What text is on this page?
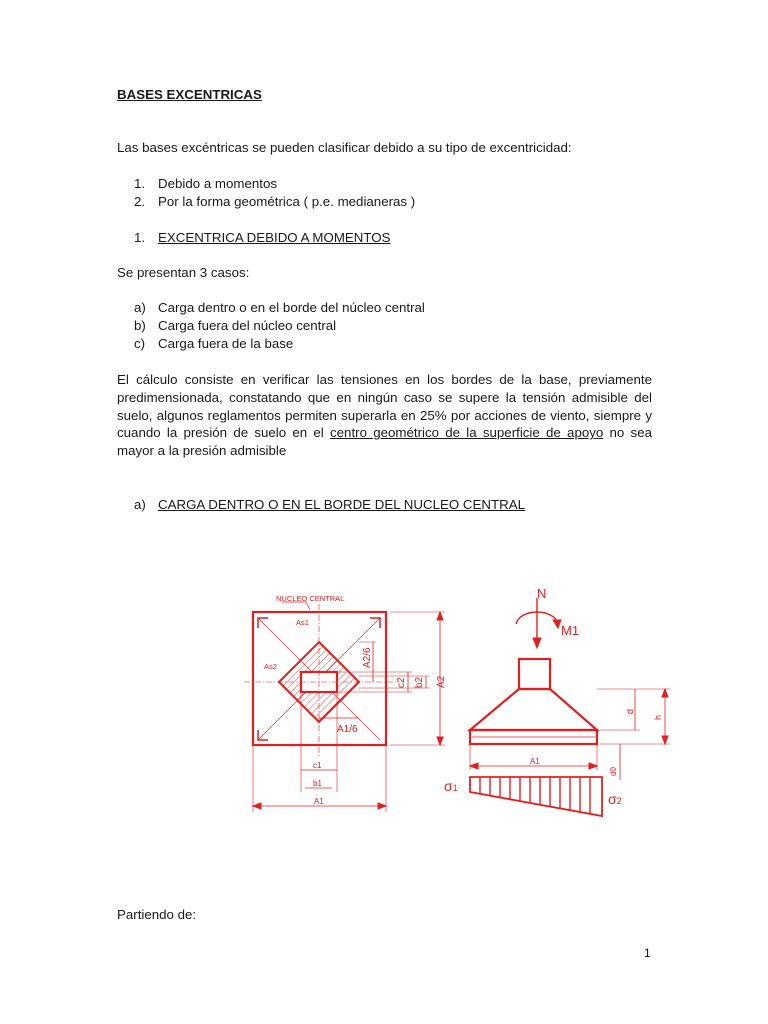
BASES EXCENTRICAS
Las bases excéntricas se pueden clasificar debido a su tipo de excentricidad:
1. Debido a momentos
2. Por la forma geométrica ( p.e. medianeras )
1. EXCENTRICA DEBIDO A MOMENTOS
Se presentan 3 casos:
a) Carga dentro o en el borde del núcleo central
b) Carga fuera del núcleo central
c) Carga fuera de la base
El cálculo consiste en verificar las tensiones en los bordes de la base, previamente predimensionada, constatando que en ningún caso se supere la tensión admisible del suelo, algunos reglamentos permiten superarla en 25% por acciones de viento, siempre y cuando la presión de suelo en el centro geométrico de la superficie de apoyo no sea mayor a la presión admisible
a) CARGA DENTRO O EN EL BORDE DEL NUCLEO CENTRAL
NUCLEO CENTRAL
As1
As2	A2/6
c2 b2 A2
A1/6
c1
b1
A1
N
M1
d
h
A1
d0
σ1
σ2
Partiendo de:
1
